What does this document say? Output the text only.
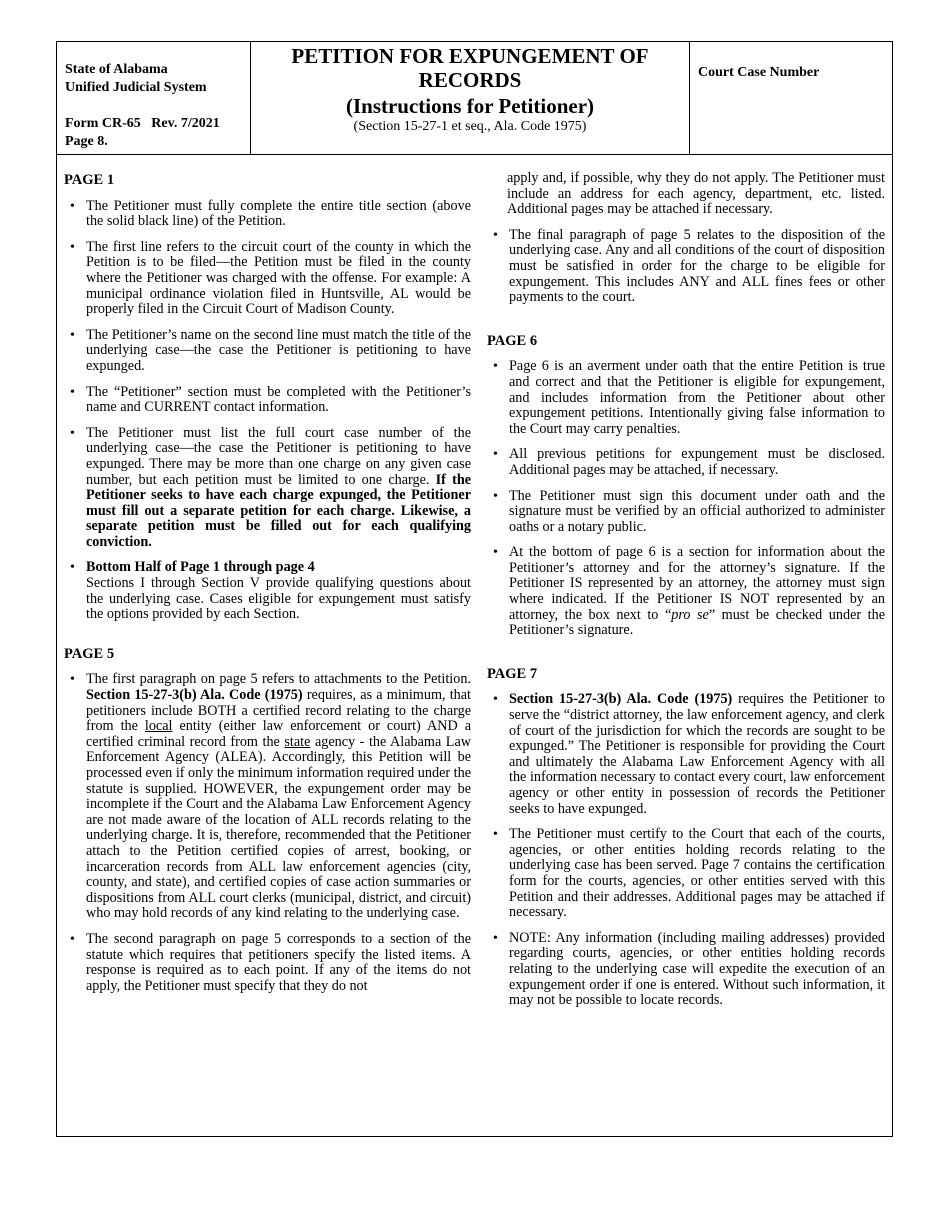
State of Alabama
Unified Judicial System
Form CR-65   Rev. 7/2021
Page 8.
PETITION FOR EXPUNGEMENT OF RECORDS
(Instructions for Petitioner)
(Section 15-27-1 et seq., Ala. Code 1975)
Court Case Number
PAGE 1
• The Petitioner must fully complete the entire title section (above the solid black line) of the Petition.
• The first line refers to the circuit court of the county in which the Petition is to be filed—the Petition must be filed in the county where the Petitioner was charged with the offense. For example: A municipal ordinance violation filed in Huntsville, AL would be properly filed in the Circuit Court of Madison County.
• The Petitioner’s name on the second line must match the title of the underlying case—the case the Petitioner is petitioning to have expunged.
• The “Petitioner” section must be completed with the Petitioner’s name and CURRENT contact information.
• The Petitioner must list the full court case number of the underlying case—the case the Petitioner is petitioning to have expunged. There may be more than one charge on any given case number, but each petition must be limited to one charge. If the Petitioner seeks to have each charge expunged, the Petitioner must fill out a separate petition for each charge. Likewise, a separate petition must be filled out for each qualifying conviction.
• Bottom Half of Page 1 through page 4
Sections I through Section V provide qualifying questions about the underlying case. Cases eligible for expungement must satisfy the options provided by each Section.
PAGE 5
• The first paragraph on page 5 refers to attachments to the Petition. Section 15-27-3(b) Ala. Code (1975) requires, as a minimum, that petitioners include BOTH a certified record relating to the charge from the local entity (either law enforcement or court) AND a certified criminal record from the state agency - the Alabama Law Enforcement Agency (ALEA). Accordingly, this Petition will be processed even if only the minimum information required under the statute is supplied. HOWEVER, the expungement order may be incomplete if the Court and the Alabama Law Enforcement Agency are not made aware of the location of ALL records relating to the underlying charge. It is, therefore, recommended that the Petitioner attach to the Petition certified copies of arrest, booking, or incarceration records from ALL law enforcement agencies (city, county, and state), and certified copies of case action summaries or dispositions from ALL court clerks (municipal, district, and circuit) who may hold records of any kind relating to the underlying case.
• The second paragraph on page 5 corresponds to a section of the statute which requires that petitioners specify the listed items. A response is required as to each point. If any of the items do not apply, the Petitioner must specify that they do not

apply and, if possible, why they do not apply. The Petitioner must include an address for each agency, department, etc. listed. Additional pages may be attached if necessary.

• The final paragraph of page 5 relates to the disposition of the underlying case. Any and all conditions of the court of disposition must be satisfied in order for the charge to be eligible for expungement. This includes ANY and ALL fines fees or other payments to the court.
PAGE 6
• Page 6 is an averment under oath that the entire Petition is true and correct and that the Petitioner is eligible for expungement, and includes information from the Petitioner about other expungement petitions. Intentionally giving false information to the Court may carry penalties.
• All previous petitions for expungement must be disclosed. Additional pages may be attached, if necessary.
• The Petitioner must sign this document under oath and the signature must be verified by an official authorized to administer oaths or a notary public.
• At the bottom of page 6 is a section for information about the Petitioner’s attorney and for the attorney’s signature. If the Petitioner IS represented by an attorney, the attorney must sign where indicated. If the Petitioner IS NOT represented by an attorney, the box next to “pro se” must be checked under the Petitioner’s signature.
PAGE 7
• Section 15-27-3(b) Ala. Code (1975) requires the Petitioner to serve the “district attorney, the law enforcement agency, and clerk of court of the jurisdiction for which the records are sought to be expunged.” The Petitioner is responsible for providing the Court and ultimately the Alabama Law Enforcement Agency with all the information necessary to contact every court, law enforcement agency or other entity in possession of records the Petitioner seeks to have expunged.
• The Petitioner must certify to the Court that each of the courts, agencies, or other entities holding records relating to the underlying case has been served. Page 7 contains the certification form for the courts, agencies, or other entities served with this Petition and their addresses. Additional pages may be attached if necessary.
• NOTE: Any information (including mailing addresses) provided regarding courts, agencies, or other entities holding records relating to the underlying case will expedite the execution of an expungement order if one is entered. Without such information, it may not be possible to locate records.
